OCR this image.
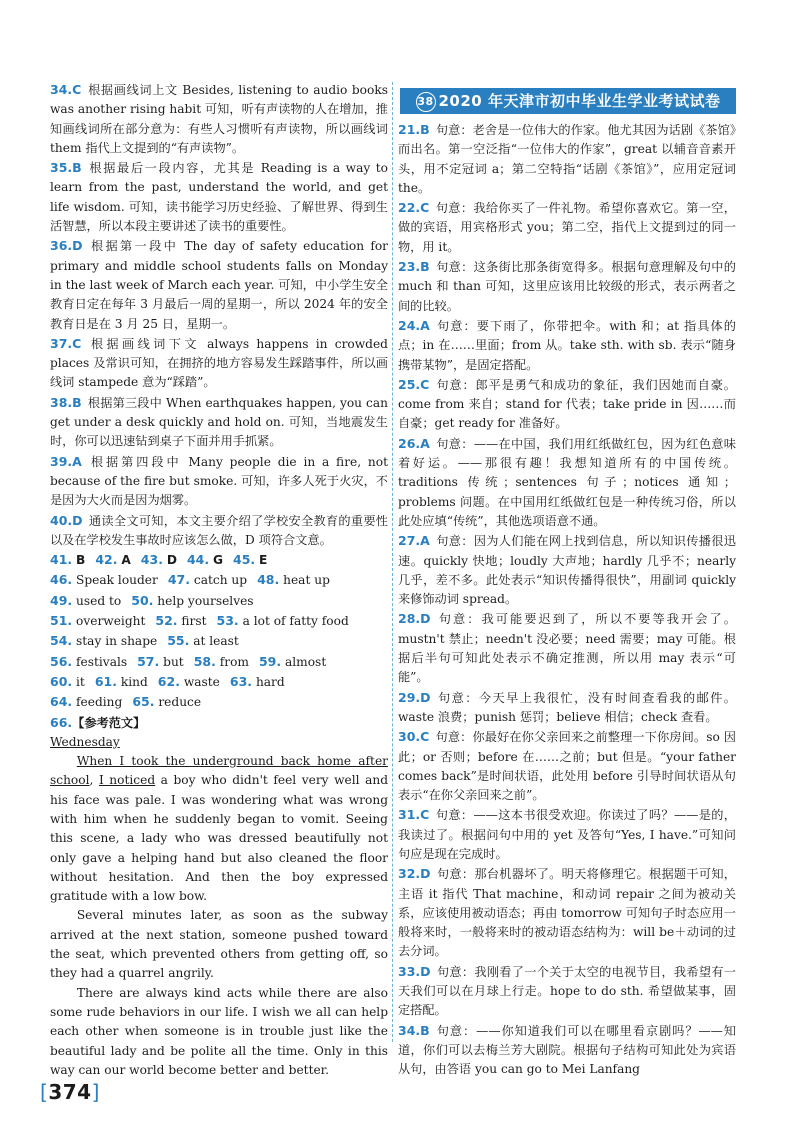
34.C  根据画线词上文 Besides, listening to audio books was another rising habit 可知，听有声读物的人在增加，推知画线词所在部分意为：有些人习惯听有声读物，所以画线词 them 指代上文提到的“有声读物”。

35.B  根据最后一段内容，尤其是 Reading is a way to learn from the past, understand the world, and get life wisdom. 可知，读书能学习历史经验、了解世界、得到生活智慧，所以本段主要讲述了读书的重要性。

36.D  根据第一段中 The day of safety education for primary and middle school students falls on Monday in the last week of March each year. 可知，中小学生安全教育日定在每年 3 月最后一周的星期一，所以 2024 年的安全教育日是在 3 月 25 日，星期一。

37.C  根据画线词下文 always happens in crowded places 及常识可知，在拥挤的地方容易发生踩踏事件，所以画线词 stampede 意为“踩踏”。

38.B  根据第三段中 When earthquakes happen, you can get under a desk quickly and hold on. 可知，当地震发生时，你可以迅速钻到桌子下面并用手抓紧。

39.A  根据第四段中 Many people die in a fire, not because of the fire but smoke. 可知，许多人死于火灾，不是因为大火而是因为烟雾。

40.D  通读全文可知，本文主要介绍了学校安全教育的重要性以及在学校发生事故时应该怎么做，D 项符合文意。

41. B 42. A 43. D 44. G 45. E
46. Speak louder 47. catch up 48. heat up
49. used to 50. help yourselves
51. overweight 52. first 53. a lot of fatty food
54. stay in shape 55. at least
56. festivals 57. but 58. from 59. almost
60. it 61. kind 62. waste 63. hard
64. feeding 65. reduce
66.【参考范文】
Wednesday

When I took the underground back home after school, I noticed a boy who didn't feel very well and his face was pale. I was wondering what was wrong with him when he suddenly began to vomit. Seeing this scene, a lady who was dressed beautifully not only gave a helping hand but also cleaned the floor without hesitation. And then the boy expressed gratitude with a low bow.

Several minutes later, as soon as the subway arrived at the next station, someone pushed toward the seat, which prevented others from getting off, so they had a quarrel angrily.

There are always kind acts while there are also some rude behaviors in our life. I wish we all can help each other when someone is in trouble just like the beautiful lady and be polite all the time. Only in this way can our world become better and better.

38 2020 年天津市初中毕业生学业考试试卷

21.B  句意：老舍是一位伟大的作家。他尤其因为话剧《茶馆》而出名。第一空泛指“一位伟大的作家”，great 以辅音音素开头，用不定冠词 a；第二空特指“话剧《茶馆》”，应用定冠词 the。

22.C  句意：我给你买了一件礼物。希望你喜欢它。第一空，做的宾语，用宾格形式 you；第二空，指代上文提到过的同一物，用 it。

23.B  句意：这条街比那条街宽得多。根据句意理解及句中的 much 和 than 可知，这里应该用比较级的形式，表示两者之间的比较。

24.A  句意：要下雨了，你带把伞。with 和；at 指具体的点；in 在……里面；from 从。take sth. with sb. 表示“随身携带某物”，是固定搭配。

25.C  句意：郎平是勇气和成功的象征，我们因她而自豪。come from 来自；stand for 代表；take pride in 因……而自豪；get ready for 准备好。

26.A  句意：——在中国，我们用红纸做红包，因为红色意味着好运。——那很有趣！我想知道所有的中国传统。traditions 传统；sentences 句子；notices 通知；problems 问题。在中国用红纸做红包是一种传统习俗，所以此处应填“传统”，其他选项语意不通。

27.A  句意：因为人们能在网上找到信息，所以知识传播很迅速。quickly 快地；loudly 大声地；hardly 几乎不；nearly 几乎，差不多。此处表示“知识传播得很快”，用副词 quickly 来修饰动词 spread。

28.D  句意：我可能要迟到了，所以不要等我开会了。mustn't 禁止；needn't 没必要；need 需要；may 可能。根据后半句可知此处表示不确定推测，所以用 may 表示“可能”。

29.D  句意：今天早上我很忙，没有时间查看我的邮件。waste 浪费；punish 惩罚；believe 相信；check 查看。

30.C  句意：你最好在你父亲回来之前整理一下你房间。so 因此；or 否则；before 在……之前；but 但是。“your father comes back”是时间状语，此处用 before 引导时间状语从句表示“在你父亲回来之前”。

31.C  句意：——这本书很受欢迎。你读过了吗？——是的，我读过了。根据问句中用的 yet 及答句“Yes, I have.”可知问句应是现在完成时。

32.D  句意：那台机器坏了。明天将修理它。根据题干可知，主语 it 指代 That machine，和动词 repair 之间为被动关系，应该使用被动语态；再由 tomorrow 可知句子时态应用一般将来时，一般将来时的被动语态结构为：will be＋动词的过去分词。

33.D  句意：我刚看了一个关于太空的电视节目，我希望有一天我们可以在月球上行走。hope to do sth. 希望做某事，固定搭配。

34.B  句意：——你知道我们可以在哪里看京剧吗？——知道，你们可以去梅兰芳大剧院。根据句子结构可知此处为宾语从句，由答语 you can go to Mei Lanfang

[374]
